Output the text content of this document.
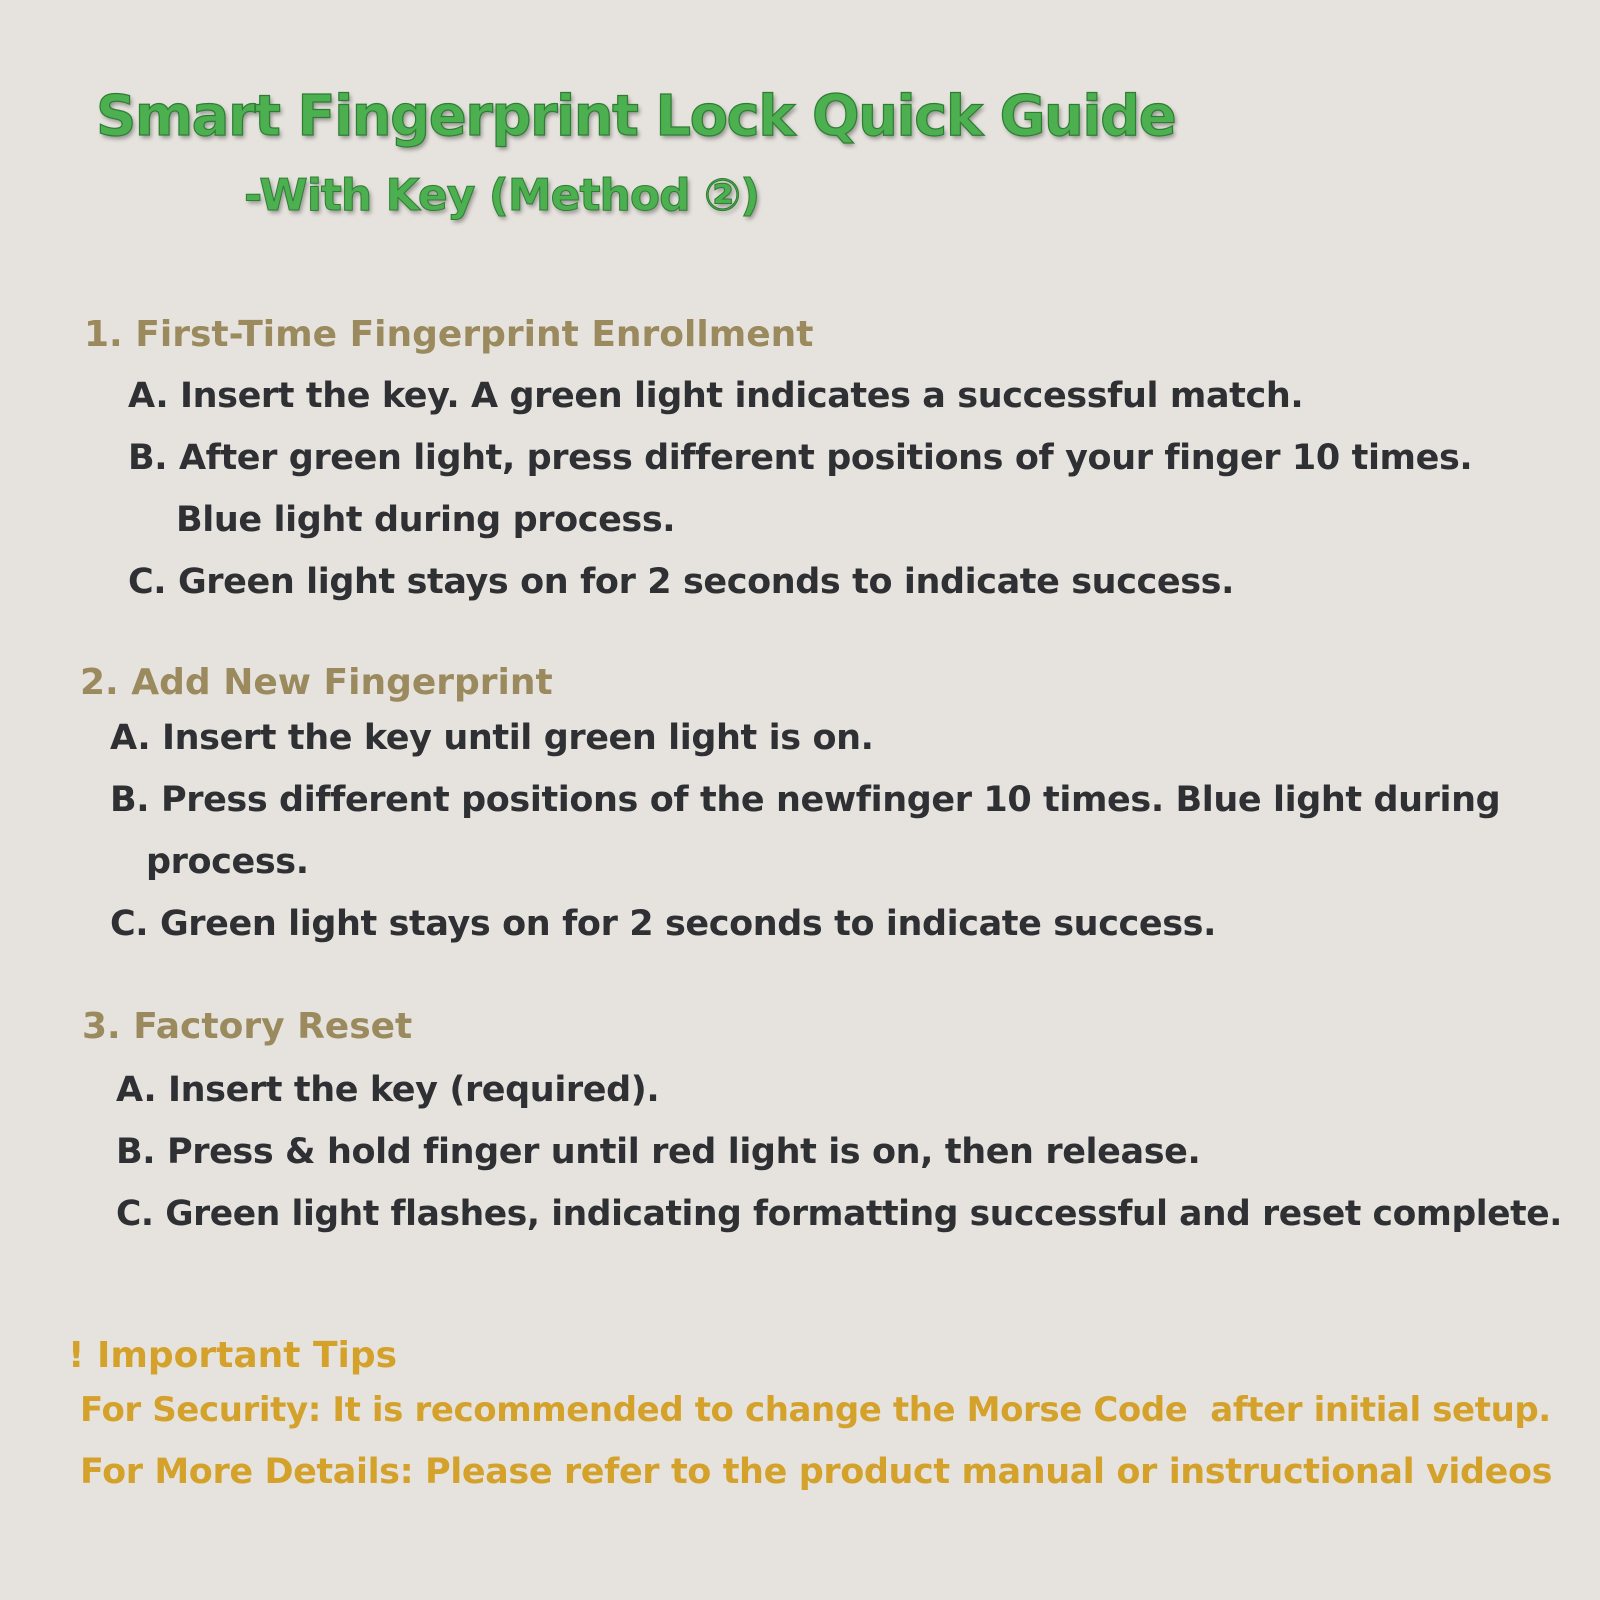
Smart Fingerprint Lock Quick Guide
-With Key (Method ②)
1. First-Time Fingerprint Enrollment

A. Insert the key. A green light indicates a successful match.

B. After green light, press different positions of your finger 10 times.

Blue light during process.

C. Green light stays on for 2 seconds to indicate success.

2. Add New Fingerprint

A. Insert the key until green light is on.

B. Press different positions of the newfinger 10 times. Blue light during

process.

C. Green light stays on for 2 seconds to indicate success.

3. Factory Reset

A. Insert the key (required).

B. Press & hold finger until red light is on, then release.

C. Green light flashes, indicating formatting successful and reset complete.

! Important Tips

For Security: It is recommended to change the Morse Code  after initial setup.

For More Details: Please refer to the product manual or instructional videos
